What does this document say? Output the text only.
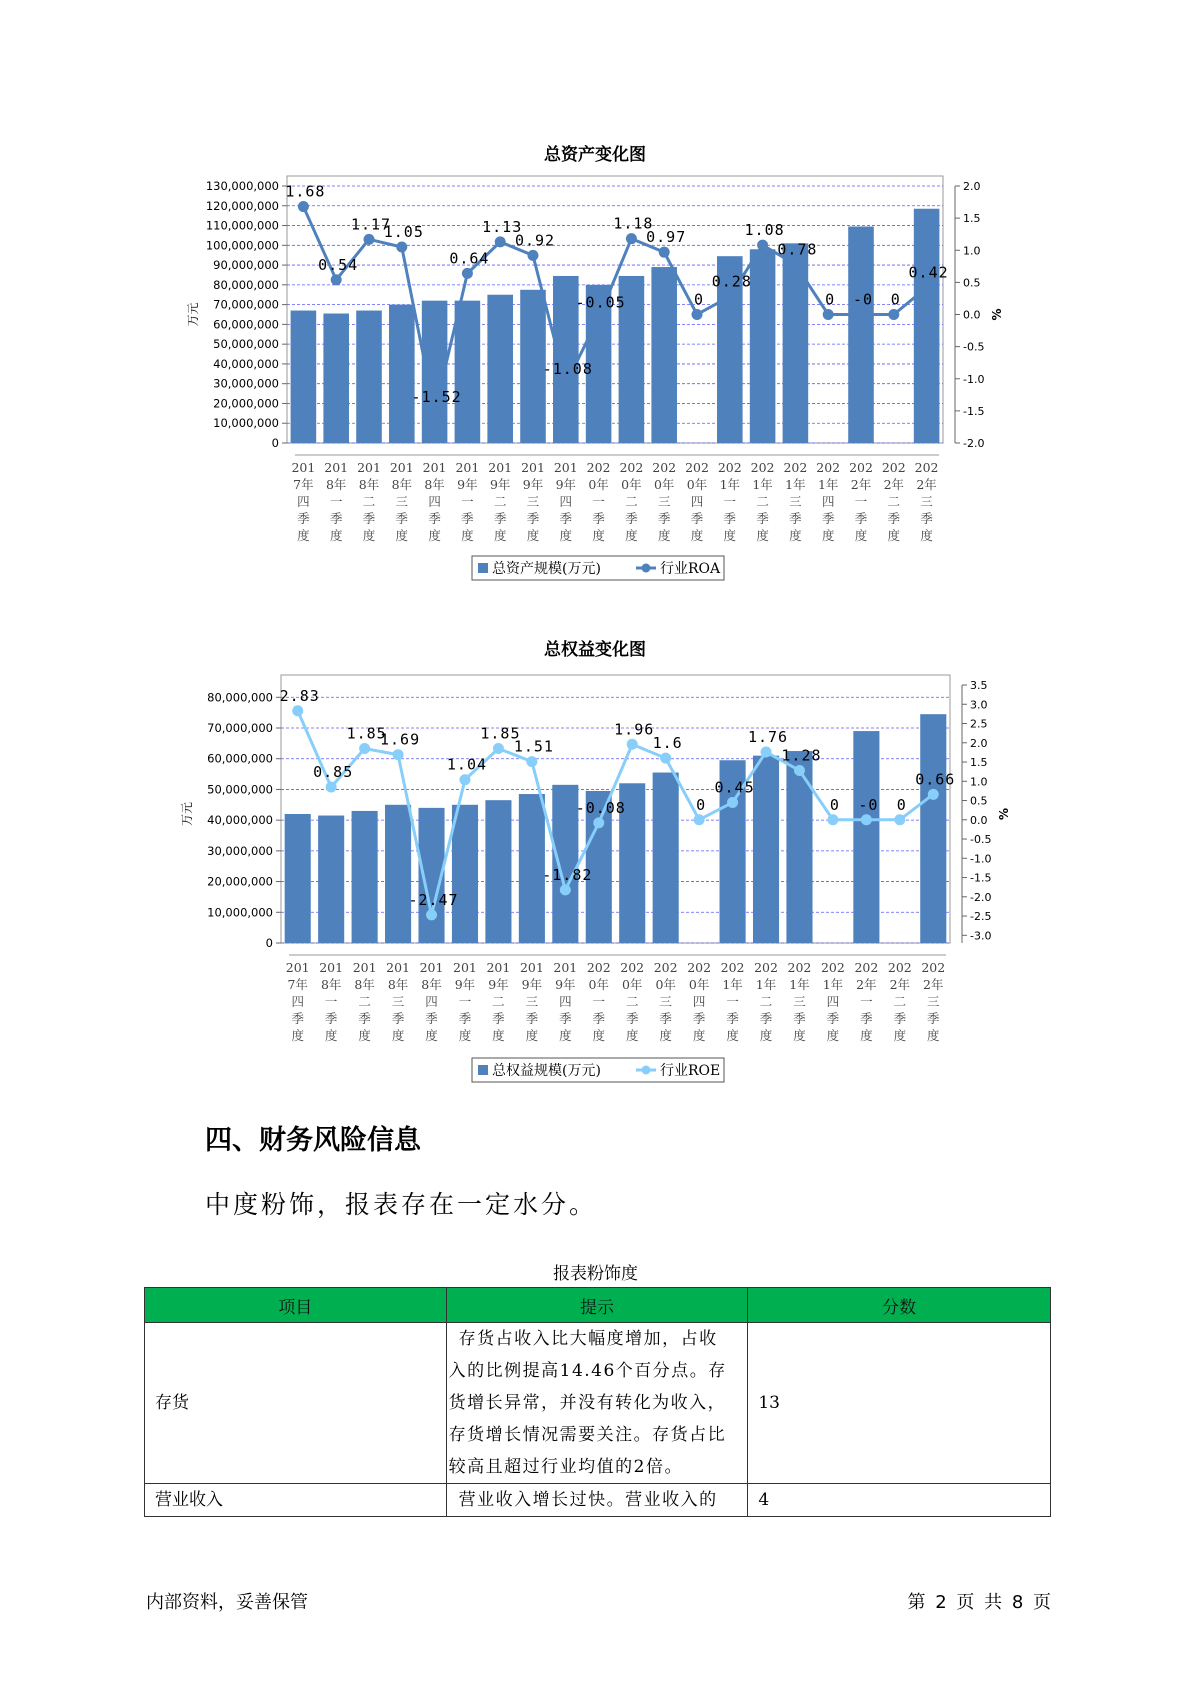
总资产变化图
0
10,000,000
20,000,000
30,000,000
40,000,000
50,000,000
60,000,000
70,000,000
80,000,000
90,000,000
100,000,000
110,000,000
120,000,000
130,000,000
-2.0
-1.5
-1.0
-0.5
0.0
0.5
1.0
1.5
2.0
万元	%
1.68
0.54
1.17
1.05
-1.52
0.64
1.13
0.92
-1.08
-0.05
1.18
0.97
0
0.28
1.08
0.78
0 -0 0
0.42
201 7年四季度
201 8年一季度
201 8年二季度
201 8年三季度
201 8年四季度
201 9年一季度
201 9年二季度
201 9年三季度
201 9年四季度
202 0年一季度
202 0年二季度
202 0年三季度
202 0年四季度
202 1年一季度
202 1年二季度
202 1年三季度
202 1年四季度
202 2年一季度
202 2年二季度
202 2年三季度
总资产规模(万元)	行业ROA
总权益变化图
0
10,000,000
20,000,000
30,000,000
40,000,000
50,000,000
60,000,000
70,000,000
80,000,000
-3.0
-2.5
-2.0
-1.5
-1.0
-0.5
0.0
0.5
1.0
1.5
2.0
2.5
3.0
3.5
万元	%
2.83
0.85
1.85
1.69
-2.47
1.04
1.85
1.51
-1.82
-0.08
1.96
1.6
0
0.45
1.76
1.28
0 -0 0
0.66
201 7年四季度
201 8年一季度
201 8年二季度
201 8年三季度
201 8年四季度
201 9年一季度
201 9年二季度
201 9年三季度
201 9年四季度
202 0年一季度
202 0年二季度
202 0年三季度
202 0年四季度
202 1年一季度
202 1年二季度
202 1年三季度
202 1年四季度
202 2年一季度
202 2年二季度
202 2年三季度
总权益规模(万元)	行业ROE
四、财务风险信息

中度粉饰，报表存在一定水分。

报表粉饰度
项目	提示	分数
存货	存货占收入比大幅度增加，占收
入的比例提高14.46个百分点。存
货增长异常，并没有转化为收入，
存货增长情况需要关注。存货占比
较高且超过行业均值的2倍。	13
营业收入	营业收入增长过快。营业收入的	4
内部资料，妥善保管	第 2 页 共 8 页
